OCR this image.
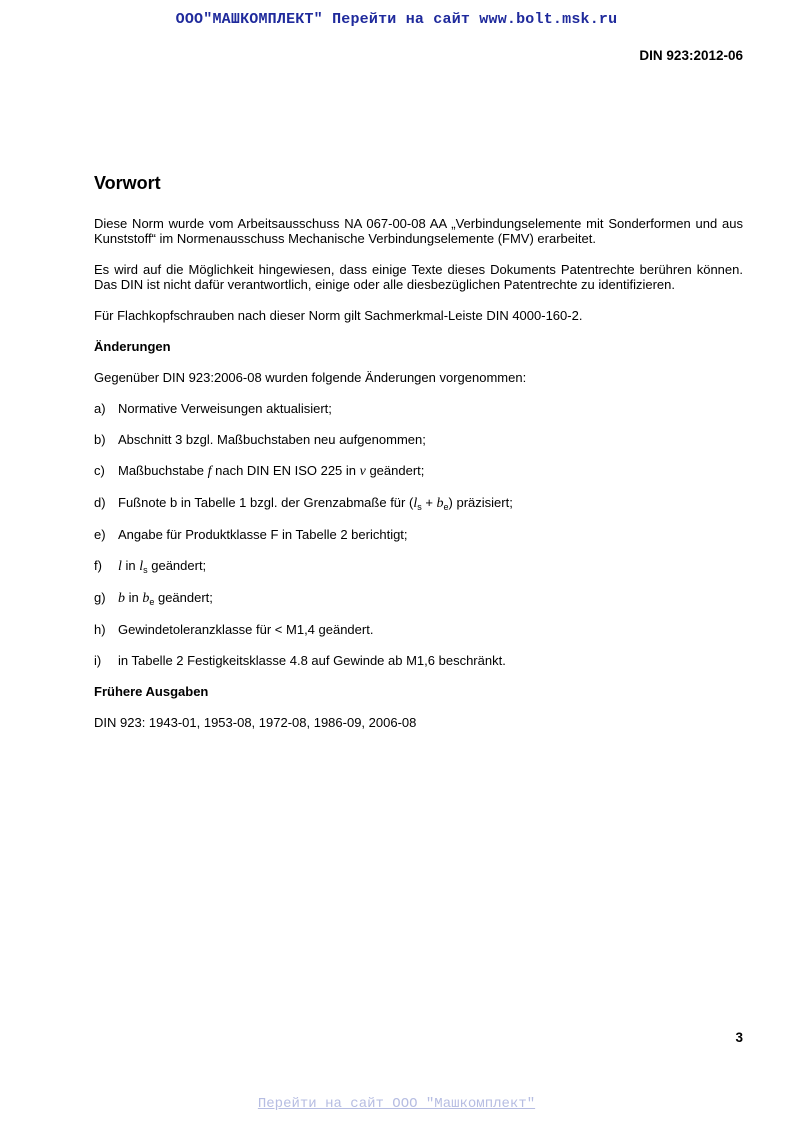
ООО"МАШКОМПЛЕКТ" Перейти на сайт www.bolt.msk.ru
DIN 923:2012-06
Vorwort

Diese Norm wurde vom Arbeitsausschuss NA 067-00-08 AA „Verbindungselemente mit Sonderformen und aus Kunststoff“ im Normenausschuss Mechanische Verbindungselemente (FMV) erarbeitet.

Es wird auf die Möglichkeit hingewiesen, dass einige Texte dieses Dokuments Patentrechte berühren können. Das DIN ist nicht dafür verantwortlich, einige oder alle diesbezüglichen Patentrechte zu identifizieren.

Für Flachkopfschrauben nach dieser Norm gilt Sachmerkmal-Leiste DIN 4000-160-2.

Änderungen

Gegenüber DIN 923:2006-08 wurden folgende Änderungen vorgenommen:

a) Normative Verweisungen aktualisiert;
b) Abschnitt 3 bzgl. Maßbuchstaben neu aufgenommen;
c)	Maßbuchstabe f nach DIN EN ISO 225 in v geändert;
d) Fußnote b in Tabelle 1 bzgl. der Grenzabmaße für $(l_s + b_e)$ präzisiert;
e) Angabe für Produktklasse F in Tabelle 2 berichtigt;
f)	l in $l_s$ geändert;
g) b in $b_e$ geändert;
h) Gewindetoleranzklasse für < M1,4 geändert.
i)	in Tabelle 2 Festigkeitsklasse 4.8 auf Gewinde ab M1,6 beschränkt.

Frühere Ausgaben

DIN 923: 1943-01, 1953-08, 1972-08, 1986-09, 2006-08

3
Перейти на сайт ООО "Машкомплект"
